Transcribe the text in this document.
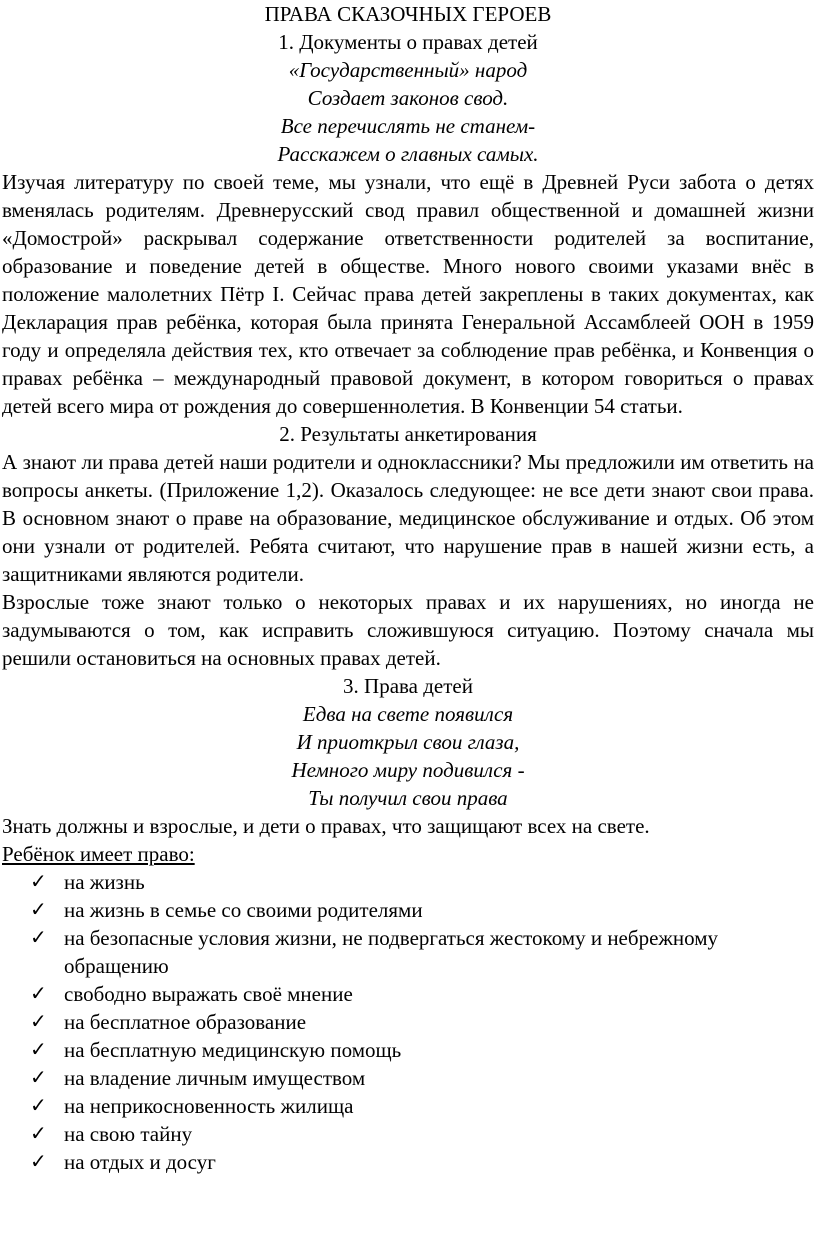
ПРАВА СКАЗОЧНЫХ ГЕРОЕВ
1. Документы о правах детей
«Государственный» народ
Создает законов свод.
Все перечислять не станем-
Расскажем о главных самых.

Изучая литературу по своей теме, мы узнали, что ещё в Древней Руси забота о детях вменялась родителям. Древнерусский свод правил общественной и домашней жизни «Домострой» раскрывал содержание ответственности родителей за воспитание, образование и поведение детей в обществе. Много нового своими указами внёс в положение малолетних Пётр I. Сейчас права детей закреплены в таких документах, как Декларация прав ребёнка, которая была принята Генеральной Ассамблеей ООН в 1959 году и определяла действия тех, кто отвечает за соблюдение прав ребёнка, и Конвенция о правах ребёнка – международный правовой документ, в котором говориться о правах детей всего мира от рождения до совершеннолетия. В Конвенции 54 статьи.

2. Результаты анкетирования

А знают ли права детей наши родители и одноклассники? Мы предложили им ответить на вопросы анкеты. (Приложение 1,2). Оказалось следующее: не все дети знают свои права. В основном знают о праве на образование, медицинское обслуживание и отдых. Об этом они узнали от родителей. Ребята считают, что нарушение прав в нашей жизни есть, а защитниками являются родители.

Взрослые тоже знают только о некоторых правах и их нарушениях, но иногда не задумываются о том, как исправить сложившуюся ситуацию. Поэтому сначала мы решили остановиться на основных правах детей.

3. Права детей
Едва на свете появился
И приоткрыл свои глаза,
Немного миру подивился -
Ты получил свои права
Знать должны и взрослые, и дети о правах, что защищают всех на свете.
Ребёнок имеет право:
✓ на жизнь
✓ на жизнь в семье со своими родителями
✓ на безопасные условия жизни, не подвергаться жестокому и небрежному обращению
✓ свободно выражать своё мнение
✓ на бесплатное образование
✓ на бесплатную медицинскую помощь
✓ на владение личным имуществом
✓ на неприкосновенность жилища
✓ на свою тайну
✓ на отдых и досуг
